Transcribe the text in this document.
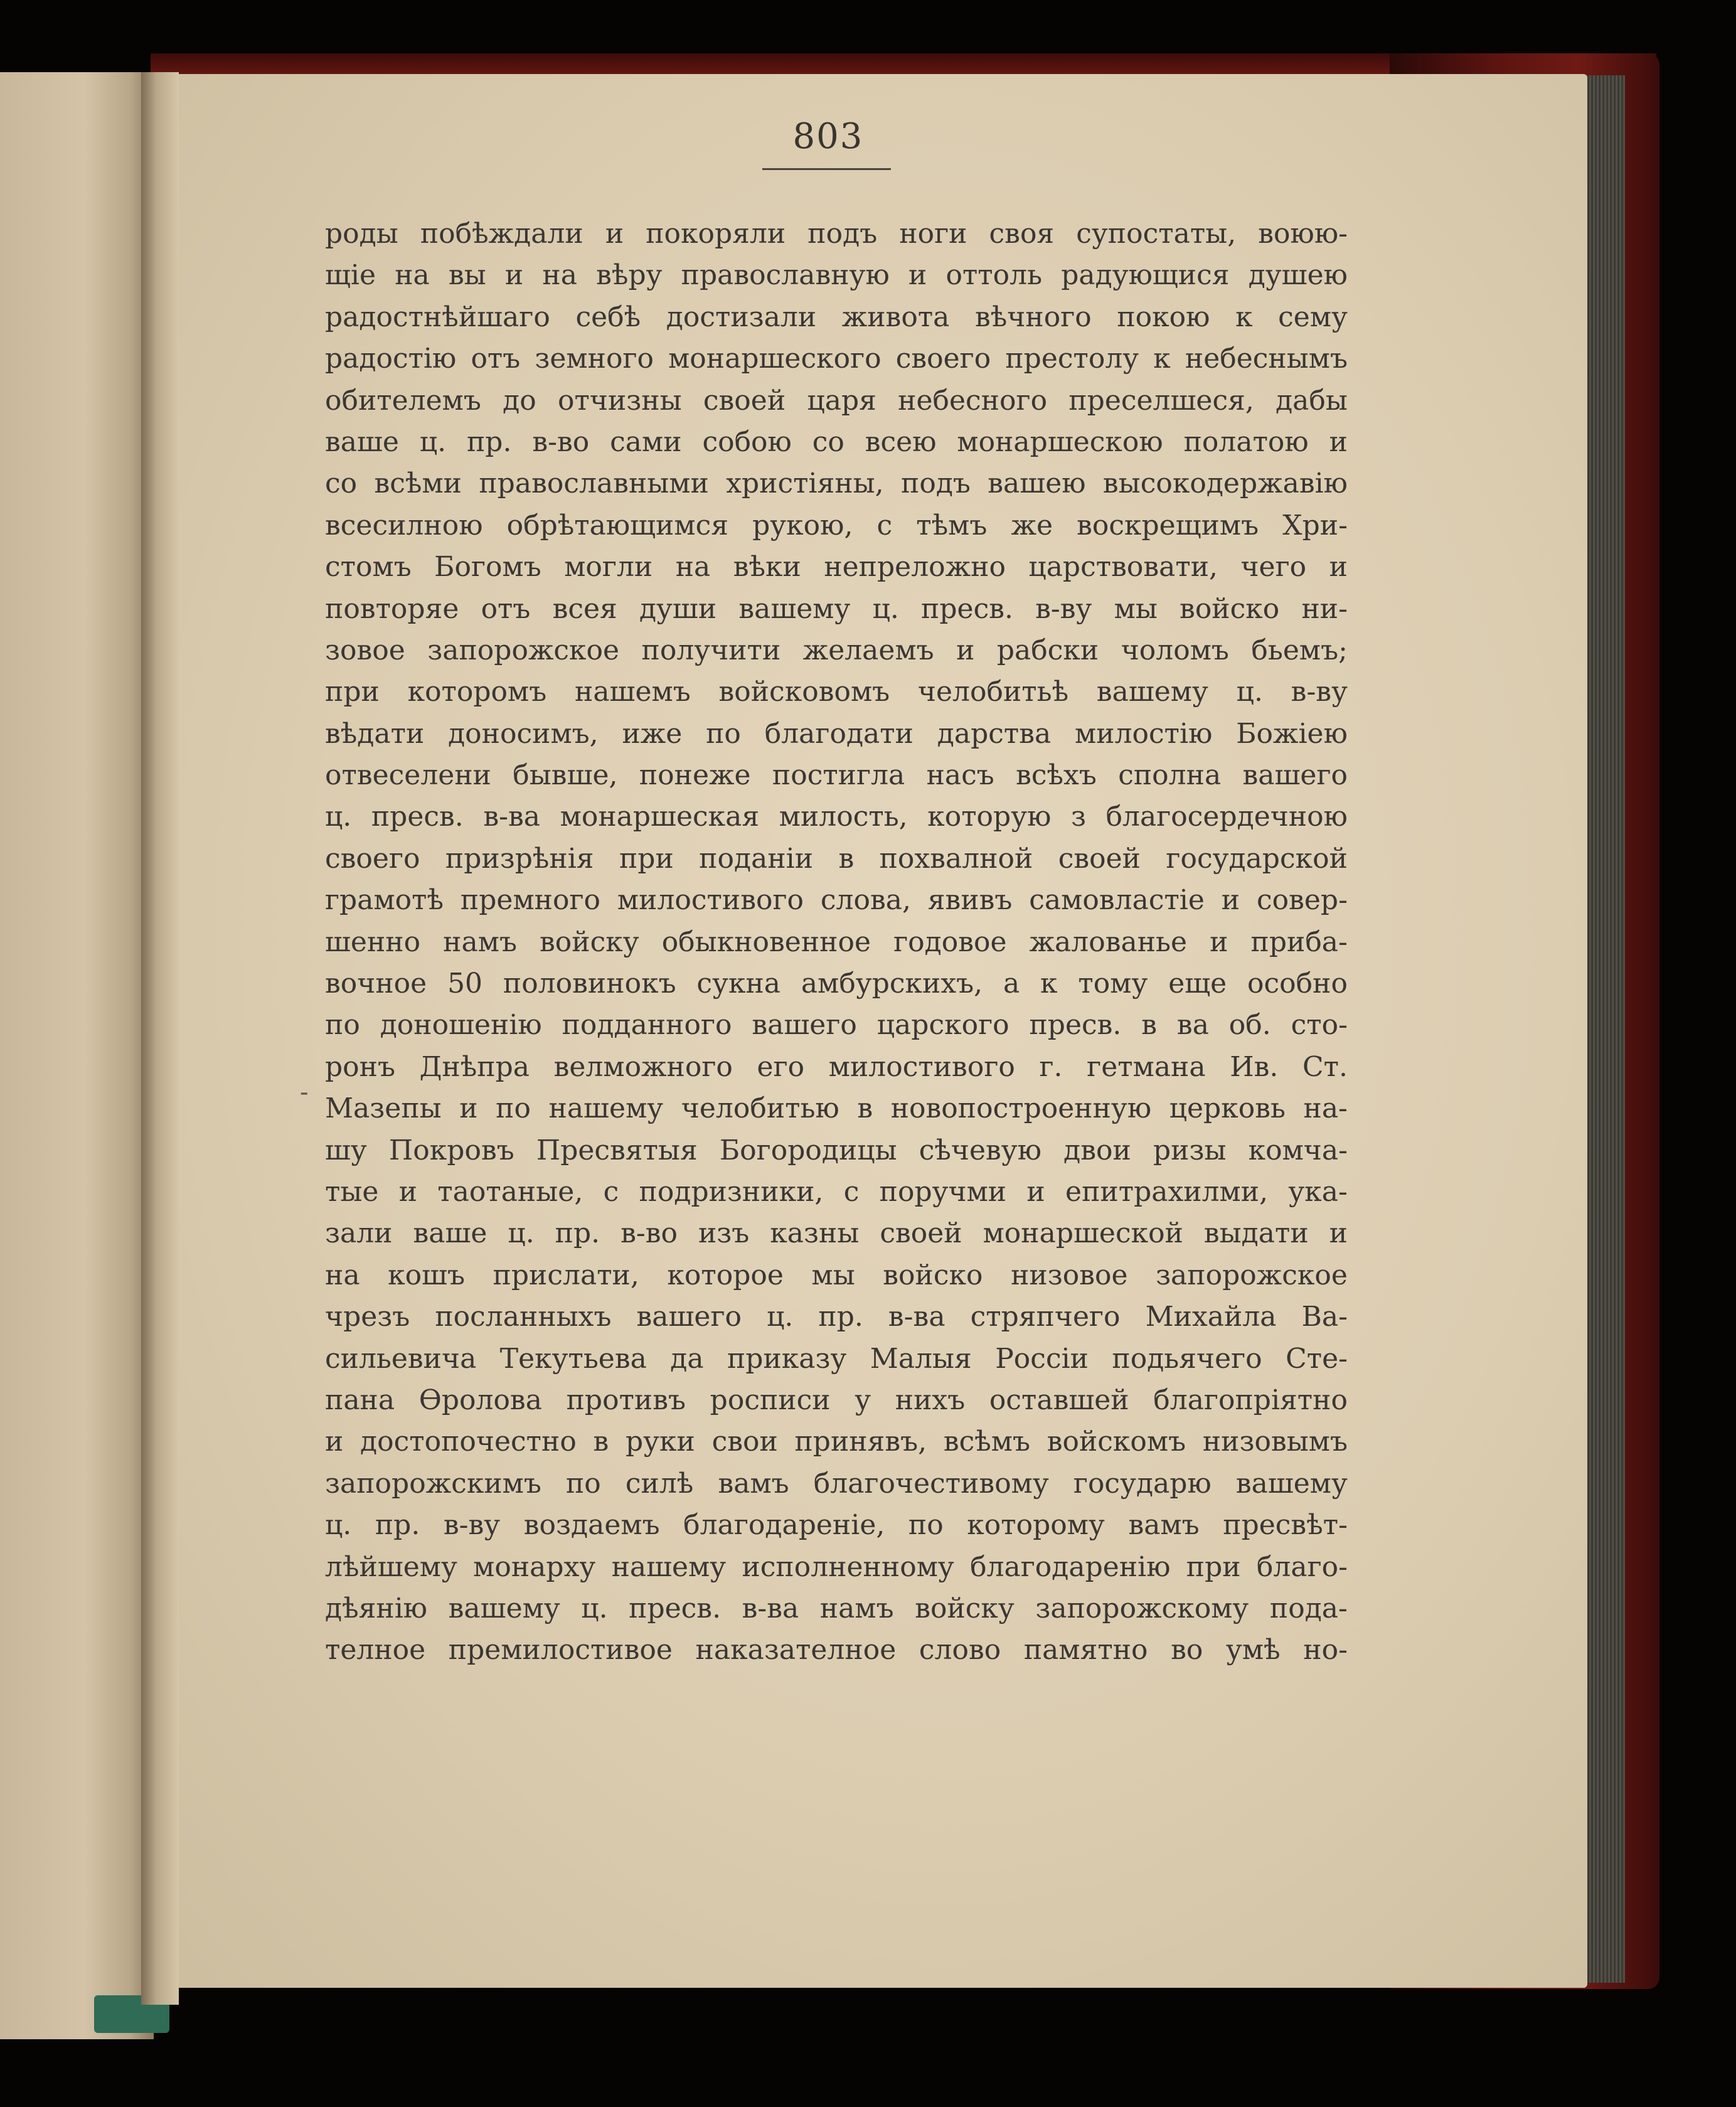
803
-
роды побѣждали и покоряли подъ ноги своя супостаты, воюю-
щіе на вы и на вѣру православную и оттоль радующися душею
радостнѣйшаго себѣ достизали живота вѣчного покою к сему
радостію отъ земного монаршеского своего престолу к небеснымъ
обителемъ до отчизны своей царя небесного преселшеся, дабы
ваше ц. пр. в-во сами собою со всею монаршескою полатою и
со всѣми православными христіяны, подъ вашею высокодержавію
всесилною обрѣтающимся рукою, с тѣмъ же воскрещимъ Хри-
стомъ Богомъ могли на вѣки непреложно царствовати, чего и
повторяе отъ всея души вашему ц. пресв. в-ву мы войско ни-
зовое запорожское получити желаемъ и рабски чоломъ бьемъ;
при которомъ нашемъ войсковомъ челобитьѣ вашему ц. в-ву
вѣдати доносимъ, иже по благодати дарства милостію Божіею
отвеселени бывше, понеже постигла насъ всѣхъ сполна вашего
ц. пресв. в-ва монаршеская милость, которую з благосердечною
своего призрѣнія при поданіи в похвалной своей государской
грамотѣ премного милостивого слова, явивъ самовластіе и совер-
шенно намъ войску обыкновенное годовое жалованье и приба-
вочное 50 половинокъ сукна амбурскихъ, а к тому еще особно
по доношенію подданного вашего царского пресв. в ва об. сто-
ронъ Днѣпра велможного его милостивого г. гетмана Ив. Ст.
Мазепы и по нашему челобитью в новопостроенную церковь на-
шу Покровъ Пресвятыя Богородицы сѣчевую двои ризы комча-
тые и таотаные, с подризники, с поручми и епитрахилми, ука-
зали ваше ц. пр. в-во изъ казны своей монаршеской выдати и
на кошъ прислати, которое мы войско низовое запорожское
чрезъ посланныхъ вашего ц. пр. в-ва стряпчего Михайла Ва-
сильевича Текутьева да приказу Малыя Россіи подьячего Сте-
пана Ѳролова противъ росписи у нихъ оставшей благопріятно
и достопочестно в руки свои принявъ, всѣмъ войскомъ низовымъ
запорожскимъ по силѣ вамъ благочестивому государю вашему
ц. пр. в-ву воздаемъ благодареніе, по которому вамъ пресвѣт-
лѣйшему монарху нашему исполненному благодаренію при благо-
дѣянію вашему ц. пресв. в-ва намъ войску запорожскому пода-
телное премилостивое наказателное слово памятно во умѣ но-
